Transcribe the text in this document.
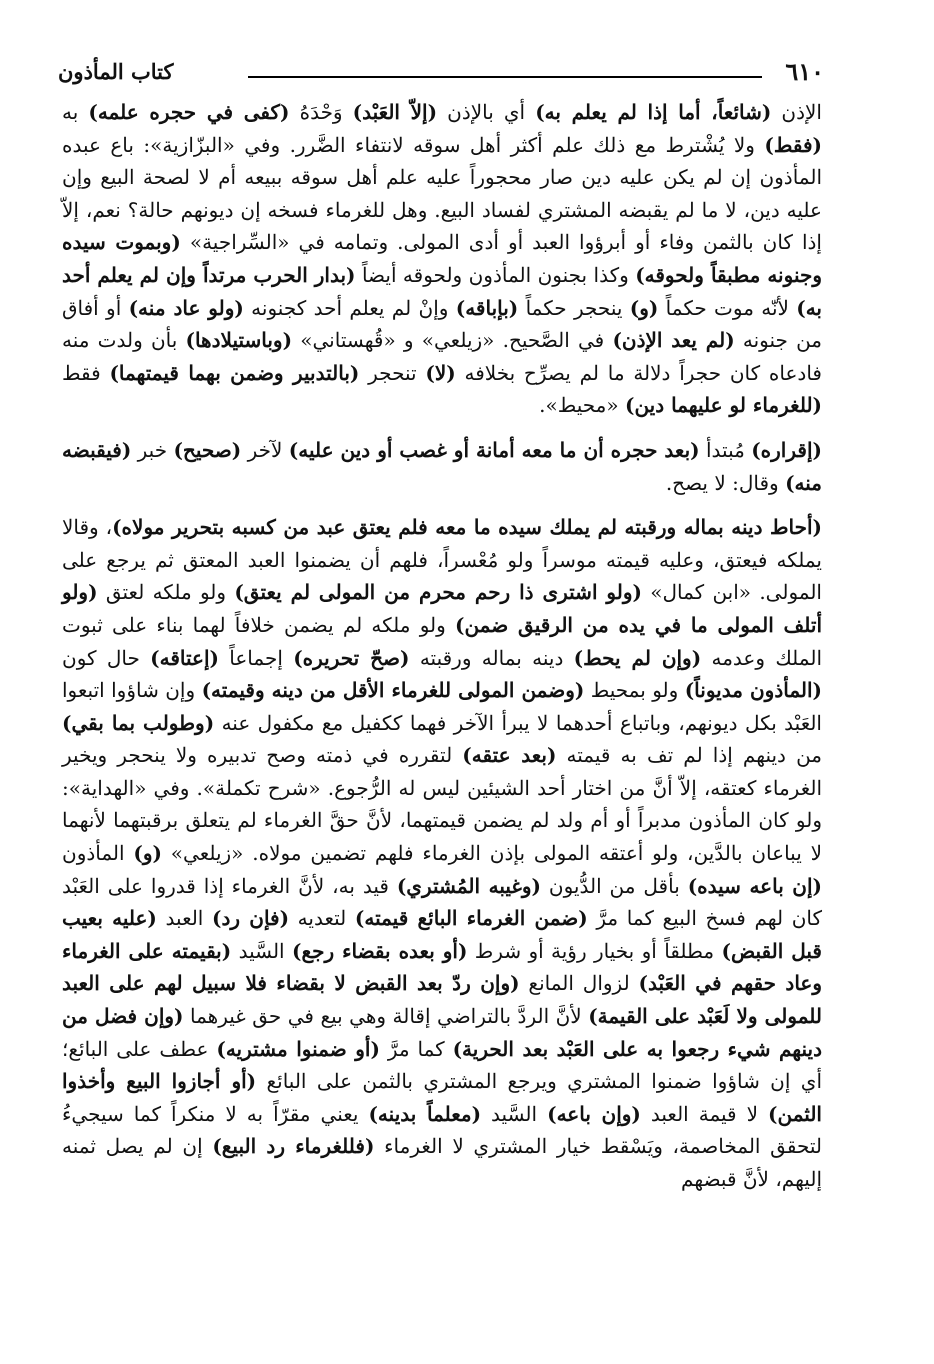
٦١٠
كتاب المأذون

الإذن (شائعاً، أما إذا لم يعلم به) أي بالإذن (إلاّ العَبْد) وَحْدَهُ (كفى في حجره علمه) به (فقط) ولا يُشْترط مع ذلك علم أكثر أهل سوقه لانتفاء الضَّرر. وفي «البزّازية»: باع عبده المأذون إن لم يكن عليه دين صار محجوراً عليه علم أهل سوقه ببيعه أم لا لصحة البيع وإن عليه دين، لا ما لم يقبضه المشتري لفساد البيع. وهل للغرماء فسخه إن ديونهم حالة؟ نعم، إلاّ إذا كان بالثمن وفاء أو أبرؤوا العبد أو أدى المولى. وتمامه في «السِّراجية» (وبموت سيده وجنونه مطبقاً ولحوقه) وكذا بجنون المأذون ولحوقه أيضاً (بدار الحرب مرتداً وإن لم يعلم أحد به) لأنّه موت حكماً (و) ينحجر حكماً (بإباقه) وإنْ لم يعلم أحد كجنونه (ولو عاد منه) أو أفاق من جنونه (لم يعد الإذن) في الصَّحيح. «زيلعي» و «قُهستاني» (وباستيلادها) بأن ولدت منه فادعاه كان حجراً دلالة ما لم يصرِّح بخلافه (لا) تنحجر (بالتدبير وضمن بهما قيمتهما) فقط (للغرماء لو عليهما دين) «محيط».

(إقراره) مُبتدأ (بعد حجره أن ما معه أمانة أو غصب أو دين عليه) لآخر (صحيح) خبر (فيقبضه منه) وقال: لا يصح.

(أحاط دينه بماله ورقبته لم يملك سيده ما معه فلم يعتق عبد من كسبه بتحرير مولاه)، وقالا يملكه فيعتق، وعليه قيمته موسراً ولو مُعْسراً، فلهم أن يضمنوا العبد المعتق ثم يرجع على المولى. «ابن كمال» (ولو اشترى ذا رحم محرم من المولى لم يعتق) ولو ملكه لعتق (ولو أتلف المولى ما في يده من الرقيق ضمن) ولو ملكه لم يضمن خلافاً لهما بناء على ثبوت الملك وعدمه (وإن لم يحط) دينه بماله ورقبته (صحّ تحريره) إجماعاً (إعتاقه) حال كون (المأذون مديوناً) ولو بمحيط (وضمن المولى للغرماء الأقل من دينه وقيمته) وإن شاؤوا اتبعوا العَبْد بكل ديونهم، وباتباع أحدهما لا يبرأ الآخر فهما ككفيل مع مكفول عنه (وطولب بما بقي) من دينهم إذا لم تف به قيمته (بعد عتقه) لتقرره في ذمته وصح تدبيره ولا ينحجر ويخير الغرماء كعتقه، إلاّ أنَّ من اختار أحد الشيئين ليس له الرُّجوع. «شرح تكملة». وفي «الهداية»: ولو كان المأذون مدبراً أو أم ولد لم يضمن قيمتهما، لأنَّ حقَّ الغرماء لم يتعلق برقبتهما لأنهما لا يباعان بالدَّين، ولو أعتقه المولى بإذن الغرماء فلهم تضمين مولاه. «زيلعي» (و) المأذون (إن باعه سيده) بأقل من الدُّيون (وغيبه المُشتري) قيد به، لأنَّ الغرماء إذا قدروا على العَبْد كان لهم فسخ البيع كما مرَّ (ضمن الغرماء البائع قيمته) لتعديه (فإن رد) العبد (عليه بعيب قبل القبض) مطلقاً أو بخيار رؤية أو شرط (أو بعده بقضاء رجع) السَّيد (بقيمته على الغرماء وعاد حقهم في العَبْد) لزوال المانع (وإن ردّ بعد القبض لا بقضاء فلا سبيل لهم على العبد للمولى ولا لَعَبْد على القيمة) لأنَّ الردَّ بالتراضي إقالة وهي بيع في حق غيرهما (وإن فضل من دينهم شيء رجعوا به على العَبْد بعد الحرية) كما مرَّ (أو ضمنوا مشتريه) عطف على البائع؛ أي إن شاؤوا ضمنوا المشتري ويرجع المشتري بالثمن على البائع (أو أجازوا البيع وأخذوا الثمن) لا قيمة العبد (وإن باعه) السَّيد (معلماً بدينه) يعني مقرّاً به لا منكراً كما سيجيءُ لتحقق المخاصمة، ويَسْقط خيار المشتري لا الغرماء (فللغرماء رد البيع) إن لم يصل ثمنه إليهم، لأنَّ قبضهم
